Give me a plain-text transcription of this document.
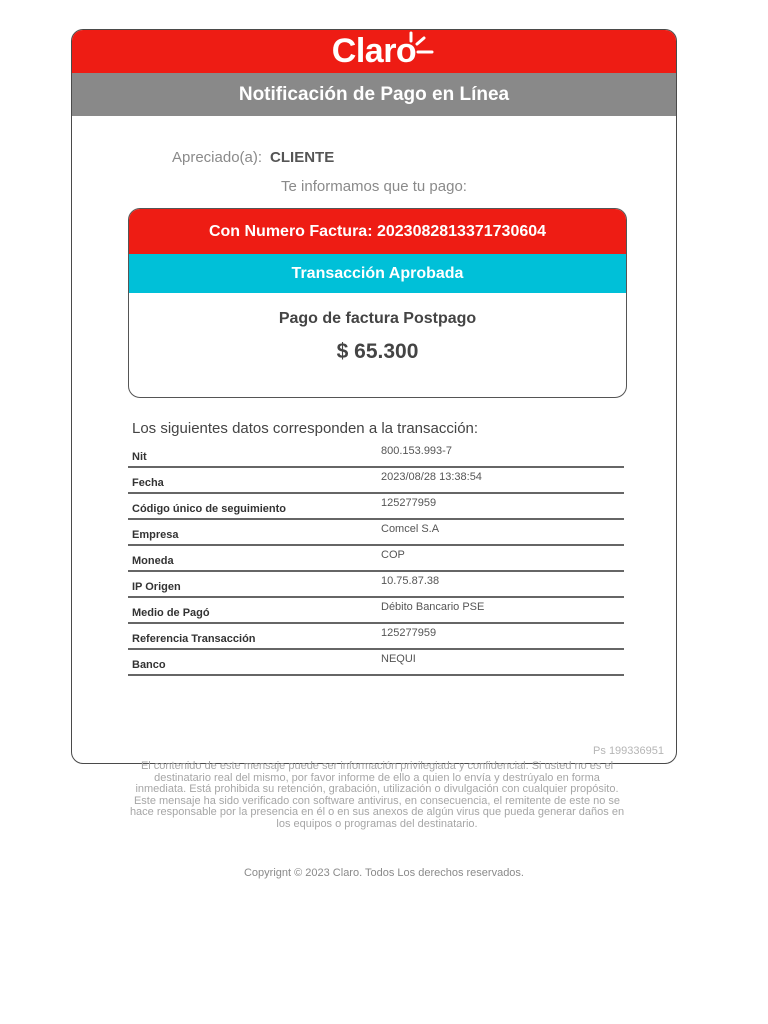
Claro
Notificación de Pago en Línea
Apreciado(a): CLIENTE
Te informamos que tu pago:
Con Numero Factura: 20230828133717306​04
Transacción Aprobada
Pago de factura Postpago
$ 65.300
Los siguientes datos corresponden a la transacción:
Nit	800.153.993-7
Fecha	2023/08/28 13:38:54
Código único de seguimiento	125277959
Empresa	Comcel S.A
Moneda	COP
IP Origen	10.75.87.38
Medio de Pagó	Débito Bancario PSE
Referencia Transacción	125277959
Banco	NEQUI
Ps 199336951
El contenido de este mensaje puede ser información privilegiada y confidencial. Si usted no es el destinatario real del mismo, por favor informe de ello a quien lo envía y destrúyalo en forma inmediata. Está prohibida su retención, grabación, utilización o divulgación con cualquier propósito. Este mensaje ha sido verificado con software antivirus, en consecuencia, el remitente de este no se hace responsable por la presencia en él o en sus anexos de algún virus que pueda generar daños en los equipos o programas del destinatario.
Copyrignt © 2023 Claro. Todos Los derechos reservados.
